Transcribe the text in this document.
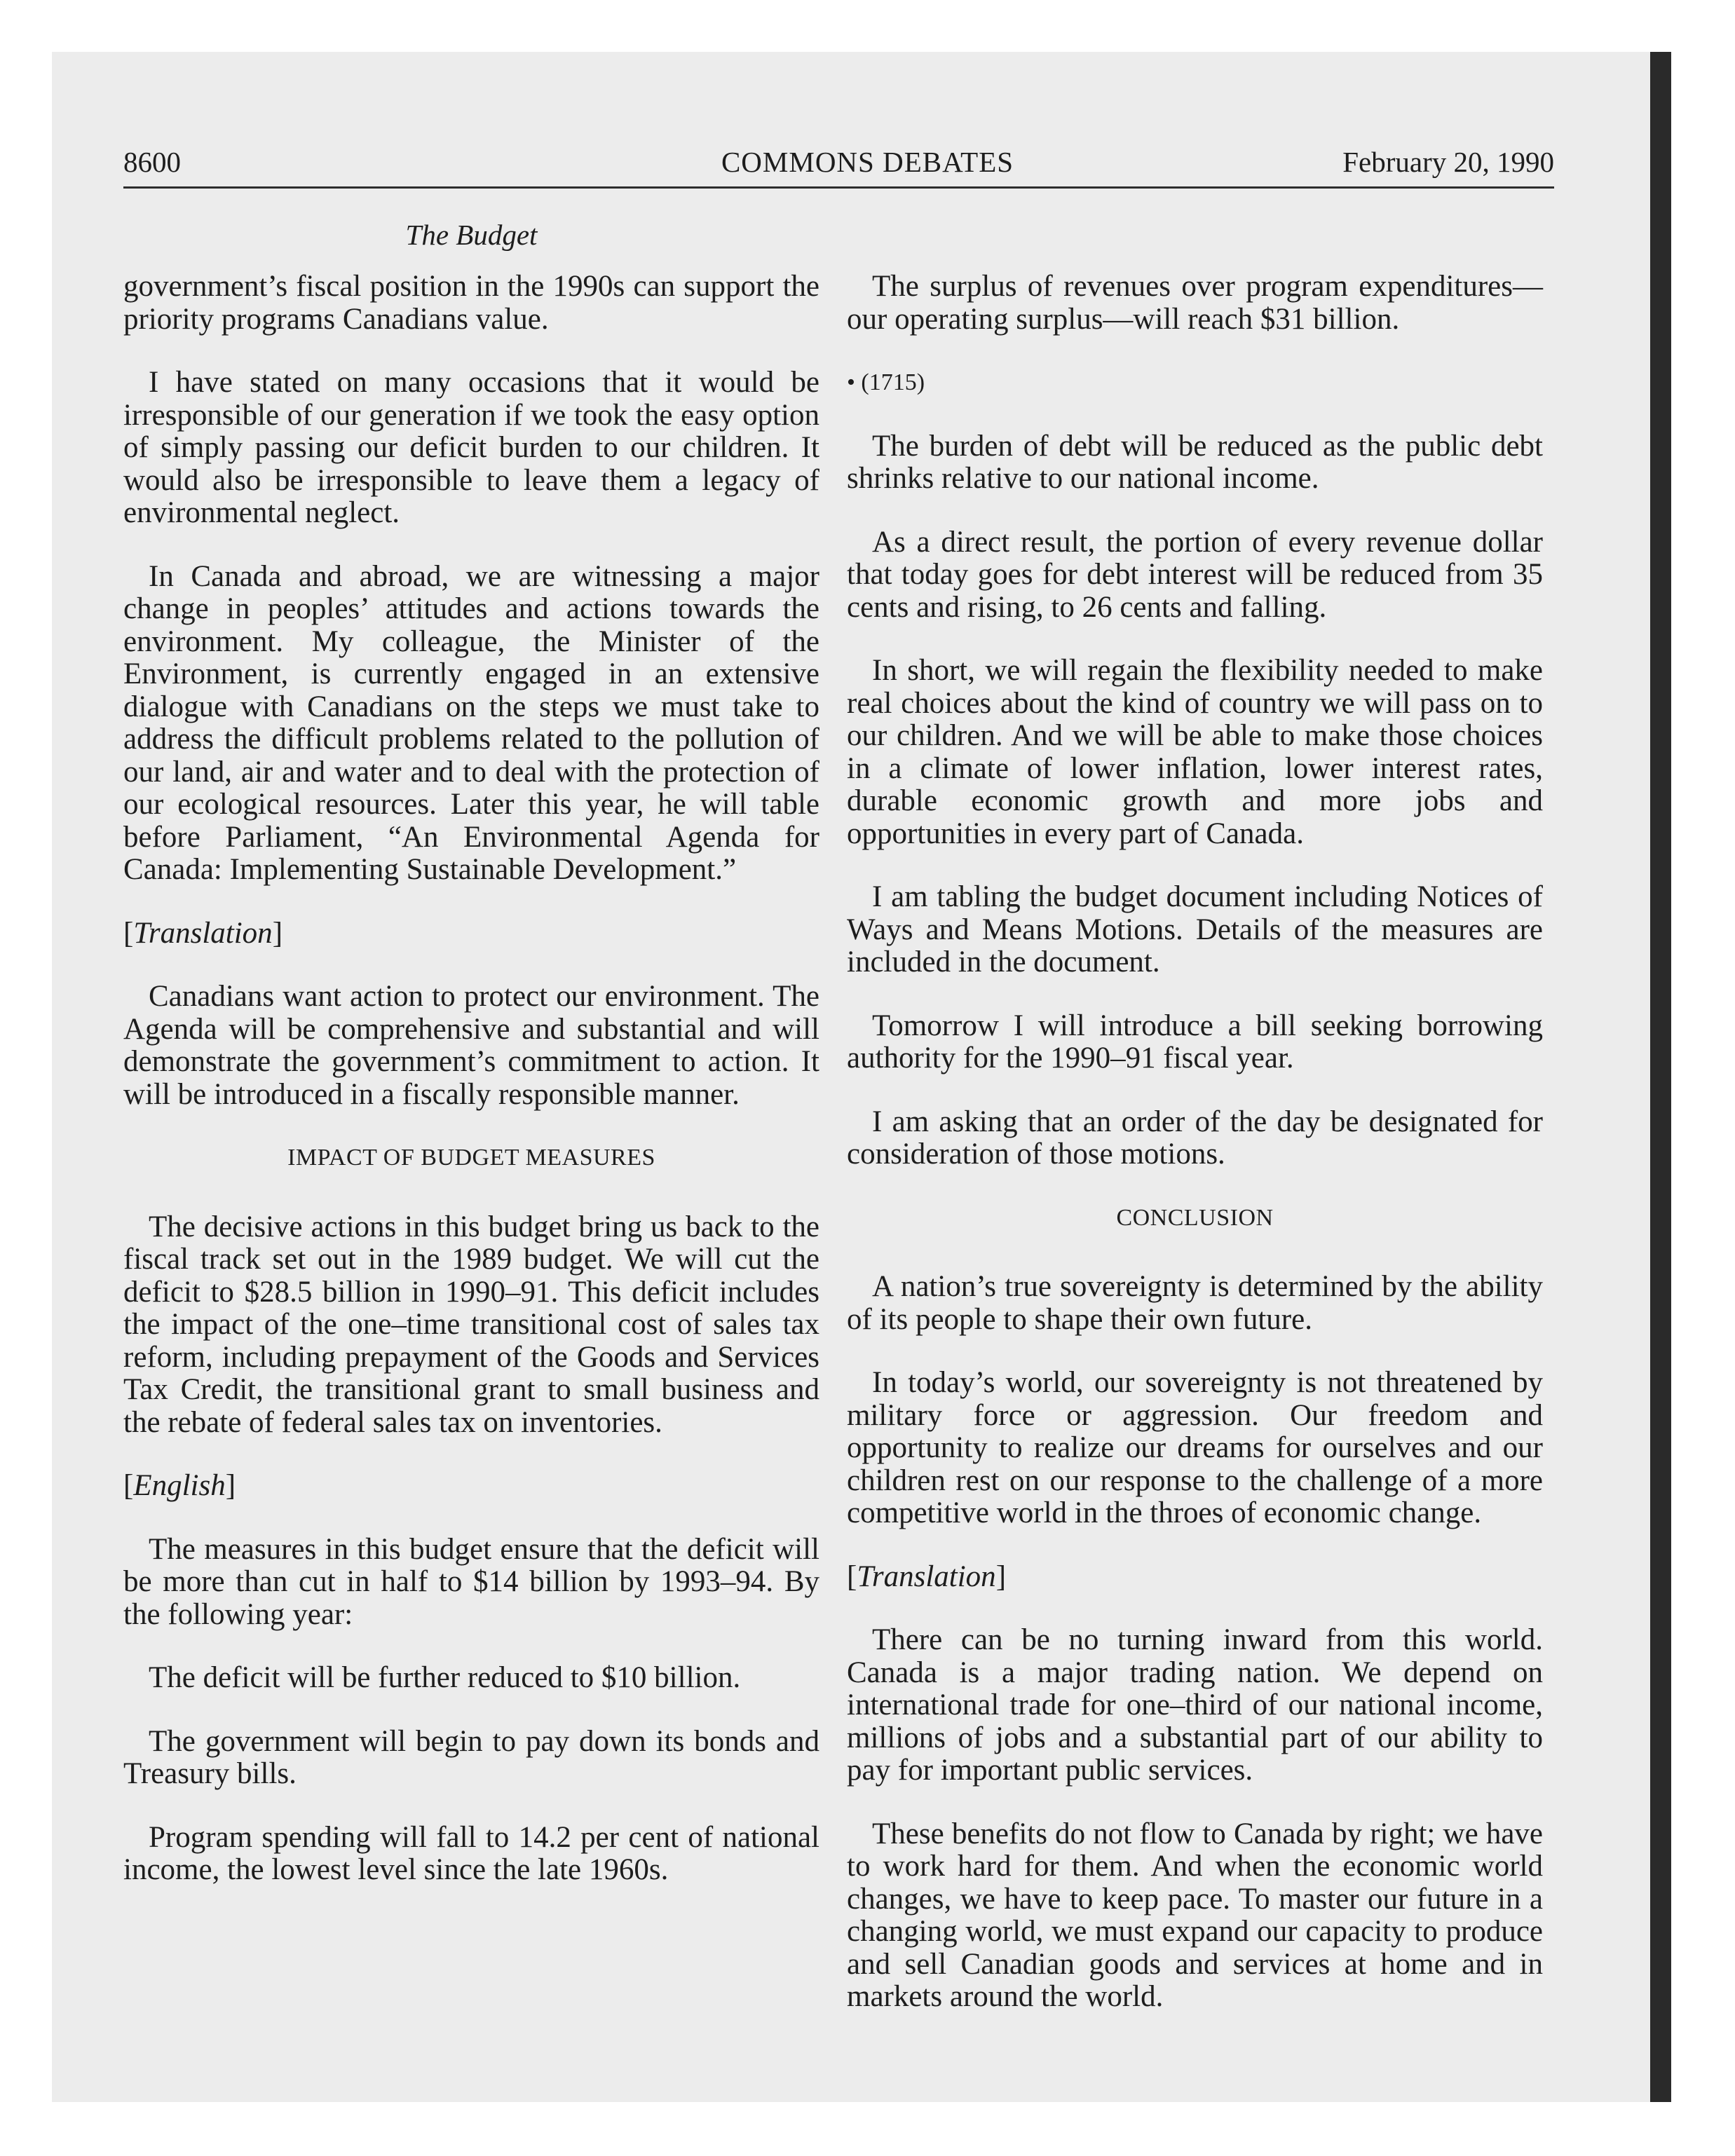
8600	COMMONS DEBATES	February 20, 1990
The Budget

government’s fiscal position in the 1990s can support the priority programs Canadians value.

I have stated on many occasions that it would be irresponsible of our generation if we took the easy option of simply passing our deficit burden to our children. It would also be irresponsible to leave them a legacy of environmental neglect.

In Canada and abroad, we are witnessing a major change in peoples’ attitudes and actions towards the environment. My colleague, the Minister of the Environment, is currently engaged in an extensive dialogue with Canadians on the steps we must take to address the difficult problems related to the pollution of our land, air and water and to deal with the protection of our ecological resources. Later this year, he will table before Parliament, “An Environmental Agenda for Canada: Implementing Sustainable Development.”

[Translation]

Canadians want action to protect our environment. The Agenda will be comprehensive and substantial and will demonstrate the government’s commitment to action. It will be introduced in a fiscally responsible manner.

IMPACT OF BUDGET MEASURES

The decisive actions in this budget bring us back to the fiscal track set out in the 1989 budget. We will cut the deficit to $28.5 billion in 1990–91. This deficit includes the impact of the one–time transitional cost of sales tax reform, including prepayment of the Goods and Services Tax Credit, the transitional grant to small business and the rebate of federal sales tax on inventories.

[English]

The measures in this budget ensure that the deficit will be more than cut in half to $14 billion by 1993–94. By the following year:

The deficit will be further reduced to $10 billion.

The government will begin to pay down its bonds and Treasury bills.

Program spending will fall to 14.2 per cent of national income, the lowest level since the late 1960s.

The surplus of revenues over program expenditures—our operating surplus—will reach $31 billion.

• (1715)

The burden of debt will be reduced as the public debt shrinks relative to our national income.

As a direct result, the portion of every revenue dollar that today goes for debt interest will be reduced from 35 cents and rising, to 26 cents and falling.

In short, we will regain the flexibility needed to make real choices about the kind of country we will pass on to our children. And we will be able to make those choices in a climate of lower inflation, lower interest rates, durable economic growth and more jobs and opportunities in every part of Canada.

I am tabling the budget document including Notices of Ways and Means Motions. Details of the measures are included in the document.

Tomorrow I will introduce a bill seeking borrowing authority for the 1990–91 fiscal year.

I am asking that an order of the day be designated for consideration of those motions.

CONCLUSION

A nation’s true sovereignty is determined by the ability of its people to shape their own future.

In today’s world, our sovereignty is not threatened by military force or aggression. Our freedom and opportunity to realize our dreams for ourselves and our children rest on our response to the challenge of a more competitive world in the throes of economic change.

[Translation]

There can be no turning inward from this world. Canada is a major trading nation. We depend on international trade for one–third of our national income, millions of jobs and a substantial part of our ability to pay for important public services.

These benefits do not flow to Canada by right; we have to work hard for them. And when the economic world changes, we have to keep pace. To master our future in a changing world, we must expand our capacity to produce and sell Canadian goods and services at home and in markets around the world.
